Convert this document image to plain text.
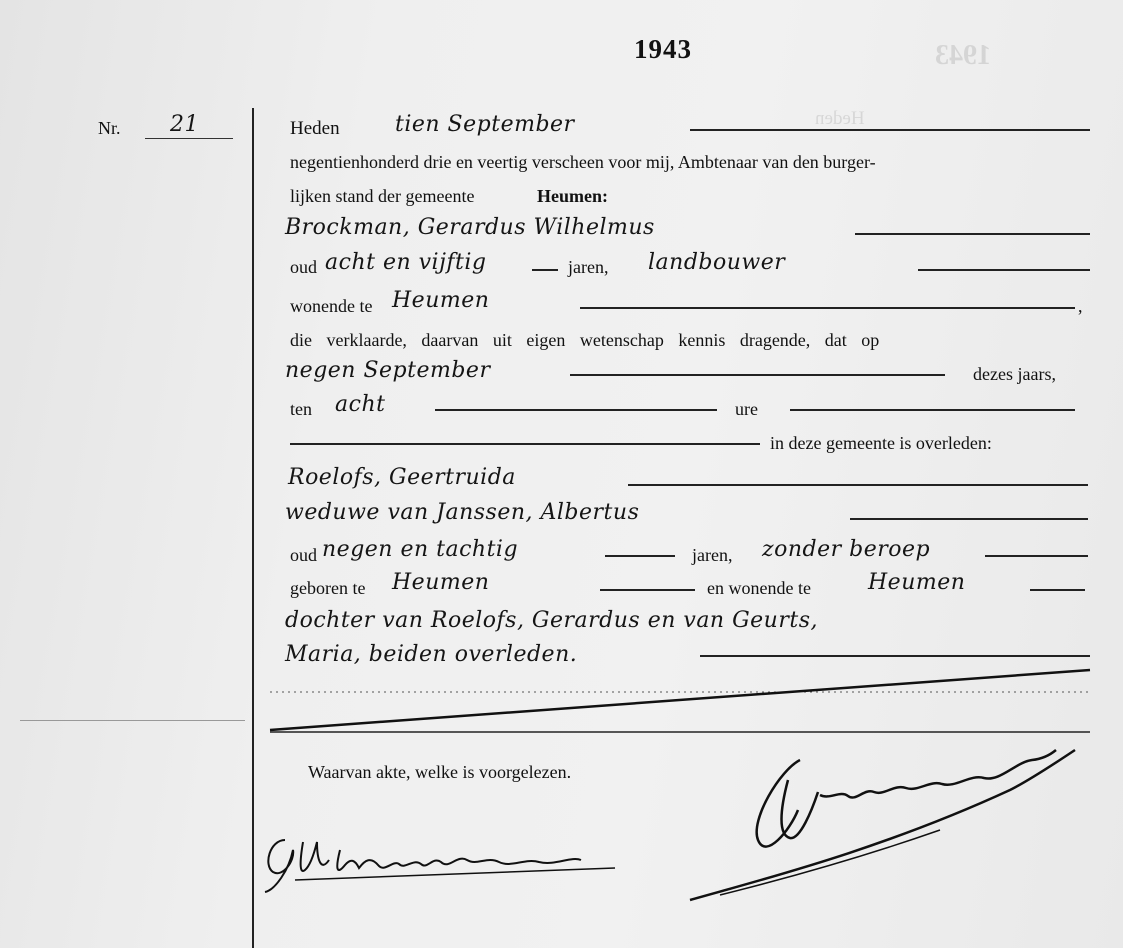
1943
Heden
1943
Nr. 21	Heden	tien September
negentienhonderd drie en veertig verscheen voor mij, Ambtenaar van den burger-
lijken stand der gemeente	Heumen:
Brockman, Gerardus Wilhelmus
oud acht en vijftig	jaren, landbouwer
wonende te Heumen	,
die verklaarde, daarvan uit eigen wetenschap kennis dragende, dat op
negen September	dezes jaars,
ten acht	ure
in deze gemeente is overleden:
Roelofs, Geertruida
weduwe van Janssen, Albertus
oud negen en tachtig	jaren, zonder beroep
geboren te Heumen	en wonende te	Heumen
dochter van Roelofs, Gerardus en van Geurts,
Maria, beiden overleden.
Waarvan akte, welke is voorgelezen.
